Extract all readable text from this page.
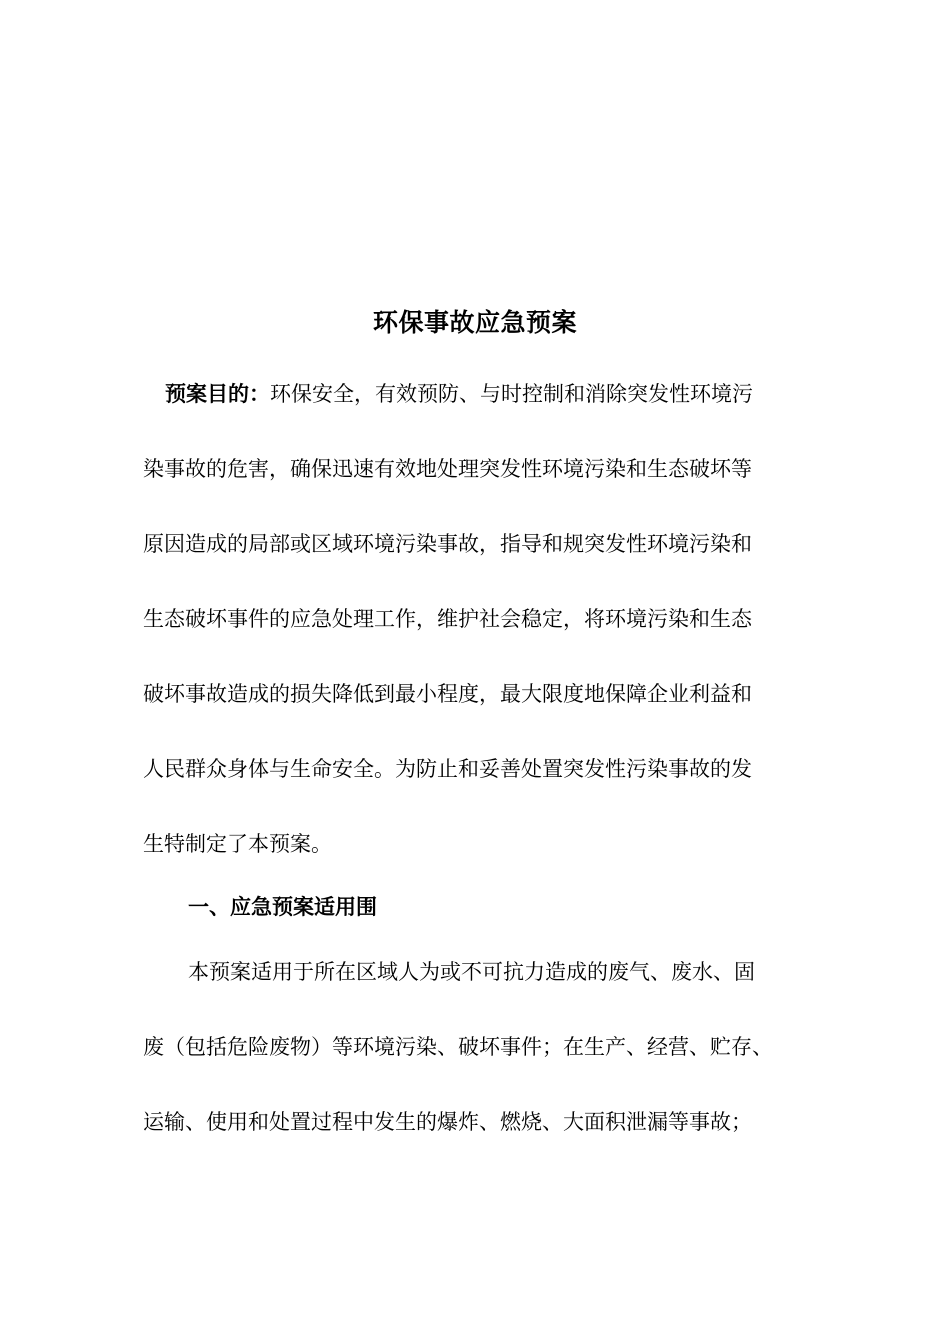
环保事故应急预案
预案目的：环保安全，有效预防、与时控制和消除突发性环境污
染事故的危害，确保迅速有效地处理突发性环境污染和生态破坏等
原因造成的局部或区域环境污染事故，指导和规突发性环境污染和
生态破坏事件的应急处理工作，维护社会稳定，将环境污染和生态
破坏事故造成的损失降低到最小程度，最大限度地保障企业利益和
人民群众身体与生命安全。为防止和妥善处置突发性污染事故的发
生特制定了本预案。
一、应急预案适用围
本预案适用于所在区域人为或不可抗力造成的废气、废水、固
废（包括危险废物）等环境污染、破坏事件；在生产、经营、贮存、
运输、使用和处置过程中发生的爆炸、燃烧、大面积泄漏等事故；
